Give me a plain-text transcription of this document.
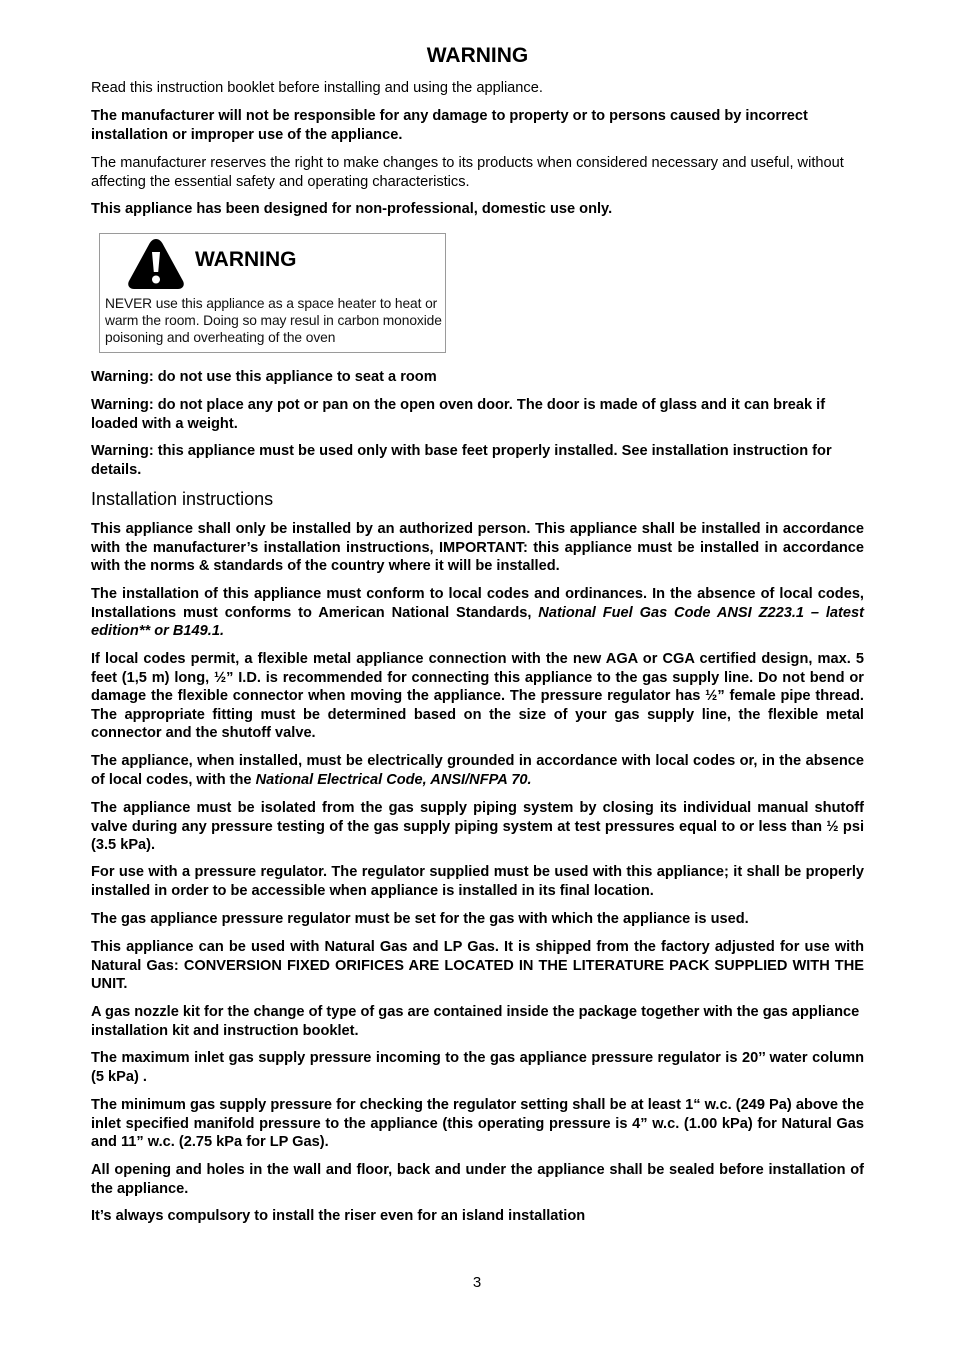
WARNING

Read this instruction booklet before installing and using the appliance.

The manufacturer will not be responsible for any damage to property or to persons caused by incorrect installation or improper use of the appliance.

The manufacturer reserves the right to make changes to its products when considered necessary and useful, without affecting the essential safety and operating characteristics.

This appliance has been designed for non-professional, domestic use only.

WARNING
NEVER use this appliance as a space heater to heat or warm the room. Doing so may resul in carbon monoxide poisoning and overheating of the oven

Warning: do not use this appliance to seat a room

Warning: do not place any pot or pan on the open oven door. The door is made of glass and it can break if loaded with a weight.

Warning: this appliance must be used only with base feet properly installed. See installation instruction for details.

Installation instructions

This appliance shall only be installed by an authorized person. This appliance shall be installed in accordance with the manufacturer’s installation instructions, IMPORTANT: this appliance must be installed in accordance with the norms & standards of the country where it will be installed.

The installation of this appliance must conform to local codes and ordinances. In the absence of local codes, Installations must conforms to American National Standards, National Fuel Gas Code ANSI Z223.1 – latest edition** or B149.1.

If local codes permit, a flexible metal appliance connection with the new AGA or CGA certified design, max. 5 feet (1,5 m) long, ½” I.D. is recommended for connecting this appliance to the gas supply line. Do not bend or damage the flexible connector when moving the appliance. The pressure regulator has ½” female pipe thread. The appropriate fitting must be determined based on the size of your gas supply line, the flexible metal connector and the shutoff valve.

The appliance, when installed, must be electrically grounded in accordance with local codes or, in the absence of local codes, with the National Electrical Code, ANSI/NFPA 70.

The appliance must be isolated from the gas supply piping system by closing its individual manual shutoff valve during any pressure testing of the gas supply piping system at test pressures equal to or less than ½ psi (3.5 kPa).

For use with a pressure regulator. The regulator supplied must be used with this appliance; it shall be properly installed in order to be accessible when appliance is installed in its final location.

The gas appliance pressure regulator must be set for the gas with which the appliance is used.

This appliance can be used with Natural Gas and LP Gas. It is shipped from the factory adjusted for use with Natural Gas: CONVERSION FIXED ORIFICES ARE LOCATED IN THE LITERATURE PACK SUPPLIED WITH THE UNIT.

A gas nozzle kit for the change of type of gas are contained inside the package together with the gas appliance installation kit and instruction booklet.

The maximum inlet gas supply pressure incoming to the gas appliance pressure regulator is 20’’ water column (5 kPa) .

The minimum gas supply pressure for checking the regulator setting shall be at least 1“ w.c. (249 Pa) above the inlet specified manifold pressure to the appliance (this operating pressure is 4” w.c. (1.00 kPa) for Natural Gas and 11” w.c. (2.75 kPa for LP Gas).

All opening and holes in the wall and floor, back and under the appliance shall be sealed before installation of the appliance.

It’s always compulsory to install the riser even for an island installation

3
